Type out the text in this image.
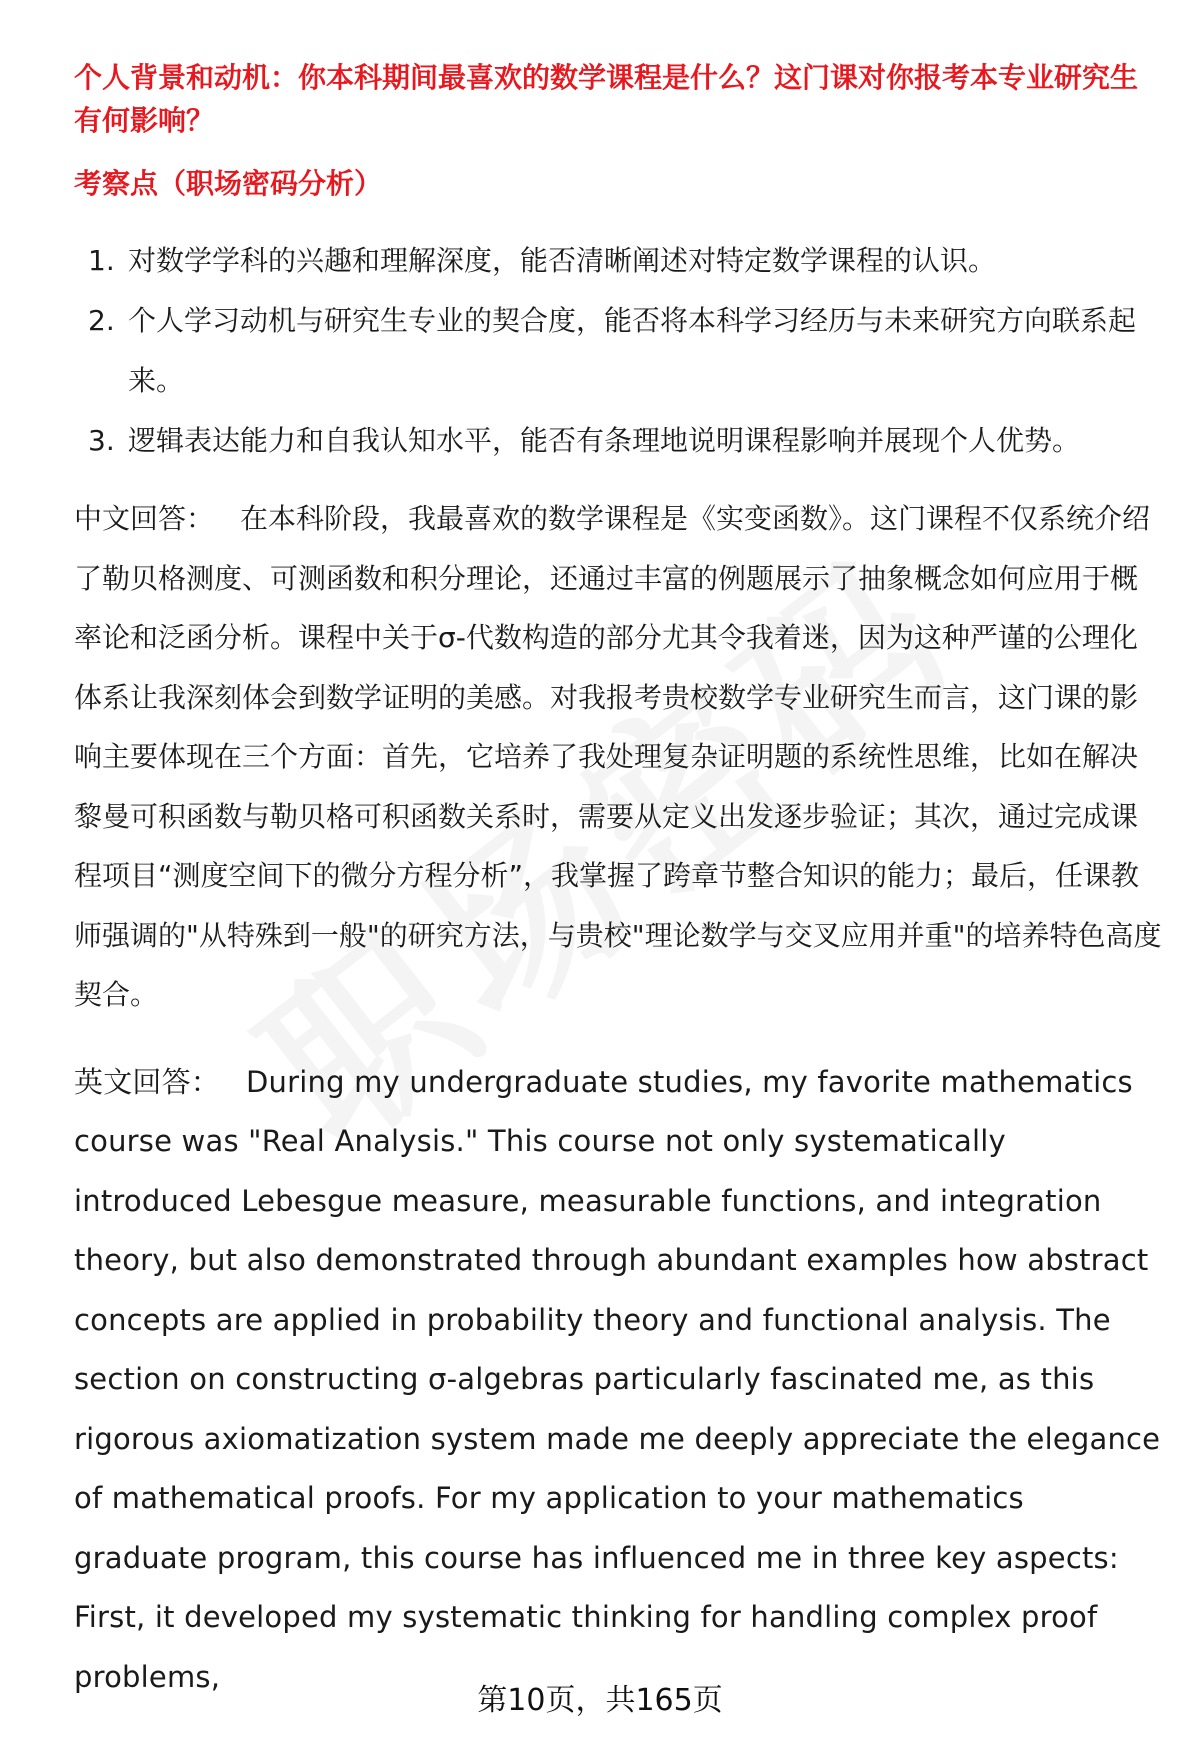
个人背景和动机：你本科期间最喜欢的数学课程是什么？这门课对你报考本专业研究生有何影响？

考察点（职场密码分析）

1. 对数学学科的兴趣和理解深度，能否清晰阐述对特定数学课程的认识。
2. 个人学习动机与研究生专业的契合度，能否将本科学习经历与未来研究方向联系起来。
3. 逻辑表达能力和自我认知水平，能否有条理地说明课程影响并展现个人优势。

中文回答： 在本科阶段，我最喜欢的数学课程是《实变函数》。这门课程不仅系统介绍了勒贝格测度、可测函数和积分理论，还通过丰富的例题展示了抽象概念如何应用于概率论和泛函分析。课程中关于σ-代数构造的部分尤其令我着迷，因为这种严谨的公理化体系让我深刻体会到数学证明的美感。对我报考贵校数学专业研究生而言，这门课的影响主要体现在三个方面：首先，它培养了我处理复杂证明题的系统性思维，比如在解决黎曼可积函数与勒贝格可积函数关系时，需要从定义出发逐步验证；其次，通过完成课程项目“测度空间下的微分方程分析”，我掌握了跨章节整合知识的能力；最后，任课教师强调的"从特殊到一般"的研究方法，与贵校"理论数学与交叉应用并重"的培养特色高度契合。

英文回答： During my undergraduate studies, my favorite mathematics course was "Real Analysis." This course not only systematically introduced Lebesgue measure, measurable functions, and integration theory, but also demonstrated through abundant examples how abstract concepts are applied in probability theory and functional analysis. The section on constructing σ-algebras particularly fascinated me, as this rigorous axiomatization system made me deeply appreciate the elegance of mathematical proofs. For my application to your mathematics graduate program, this course has influenced me in three key aspects: First, it developed my systematic thinking for handling complex proof problems,

第10页，共165页
